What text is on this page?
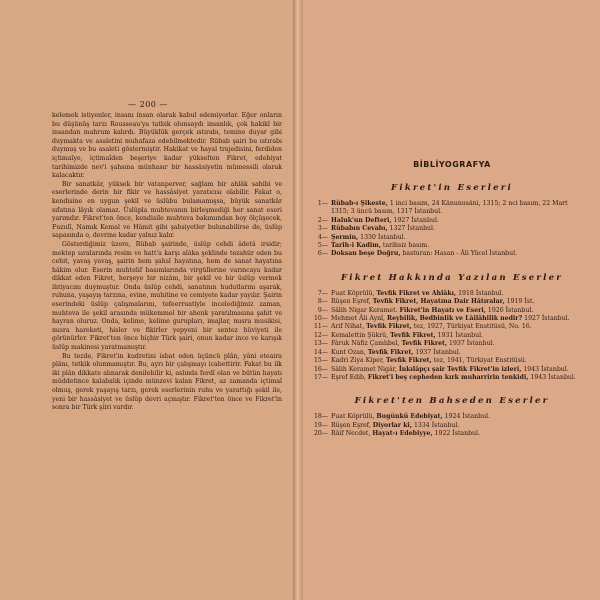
— 200 —

kelemek istiyenler, insanı insan olarak kabul edemiyorlar. Eğer onların bu düşünüş tarzı Rousseau'ya tatbik olunsaydı insanlık, çok hakikî bir insandan mahrum kalırdı. Büyüklük gerçek ıstırabı, temine duyar gibi duymakta ve asaletini muhafaza edebilmektedir. Rübab şairi bu ıstırabı duymuş ve bu asaleti göstermiştir. Hakikat ve hayal trajedisini, ferdiden içtimaîye, içtimaîden beşeriye kadar yükselten Fikret, edebiyat tarihimizde nev'i şahsına münhasır bir hassâsiyetin mümessili olarak kalacaktır.

Bir sanatkâr, yüksek bir vatanperver, sağlam bir ahlâk sahibi ve eserlerinde derin bir fikir ve hassâsiyet yaratıcısı olabilir. Fakat o, kendisine en uygun şekil ve üslûbu bulamamışsa, büyük sanatkâr sıfatına lâyık olamaz. Üslûpla muhtevanın birleşmediği her sanat eseri yarımdır. Fikret'ten önce, kendisile muhteva bakımından boy ölçüşecek, Fuzulî, Namık Kemal ve Hâmit gibi şahsiyetler bulunabilirse de, üslûp sapasında o, devrine kadar yalnız kalır.

Gösterdiğimiz üzere, Rübab şairinde, üslûp cehdi âdetâ irsidir; mektep sıralarında resim ve hatt'a karşı alâka şeklinde tezahür eden bu cehit, yavaş yavaş, şairin hem şahsî hayatına, hem de sanat hayatına hâkim olur. Eserin muhtelif basımlarında virgüllerine varıncaya kadar dikkat eden Fikret, herşeye bir nizâm, bir şekil ve bir üslûp vermek ihtiyacını duymuştur. Onda üslûp cehdi, sanatının hudutlarını aşarak, ruhuna, yaşayış tarzına, evine, muhitine ve cemiyete kadar yayılır. Şairin eserindeki üslûp çalışmalarını, tefeerruatiyle incelediğimiz zaman, muhteva ile şekil arasında mükemmel bir ahenk yaratılmasına şahit ve hayran oluruz. Onda, kelime, kelime gurupları, imajlar, mısra musikisi, mısra hareketi, hisler ve fikirler yepyeni bir sentez hüviyeti ile görünürler. Fikret'ten önce hiçbir Türk şairi, onun kadar ince ve karışık üslûp makinesi yaratmamıştır.

Bu tezde, Fikret'in kudretini isbat eden üçüncü plân, yâni eteaira plânı, tetkik olunmamıştır. Bu, ayrı bir çalışmayı icabettirir. Fakat bu ilk iki plân dikkate alınarak denilebilir ki, aslında ferdî olan ve bütün hayatı müddetince kalabalık içinde münzevi kalan Fikret, az zamanda içtimaî olmuş, gerek yaşayış tarzı, gerek eserlerinin ruhu ve yarattığı şekil ile, yeni bir hassâsiyet ve üslûp devri açmıştır. Fikret'ten önce ve Fikret'in sonra bir Türk şiiri vardır.

BİBLİYOGRAFYA
Fikret'in Eserleri
1— Rübab-ı Şikeste, 1 inci basım, 24 Kânunusâni, 1315; 2 nci basım, 22 Mart 1315; 3 üncü basım, 1317 İstanbul.
2— Haluk'un Defteri, 1927 İstanbul.
3— Rübabın Cevabı, 1327 İstanbul.
4— Şermin, 1330 İstanbul.
5— Tarih-i Kadim, tarihsiz basım.
6— Doksan beşe Doğru, basturan: Hasan - Âli Yücel İstanbul.
Fikret Hakkında Yazılan Eserler
7— Fuat Köprülü, Tevfik Fikret ve Ahlâkı, 1918 İstanbul.
8— Rüşen Eşref, Tevfik Fikret, Hayatına Dair Hâtıralar, 1919 İst.
9— Sâlih Nigar Keramet. Fikret'in Hayatı ve Eseri, 1926 İstanbul.
10— Mehmet Âli Aynî, Reybilik, Bedbinlik ve Lâilâhilik nedir? 1927 İstanbul.
11— Arif Nihat, Tevfik Fikret, tez, 1927, Türkiyat Enstitüsü, No. 16.
12— Kemalettin Şükrü, Tevfik Fikret, 1931 İstanbul.
13— Fâruk Nâfiz Çamlıbel, Tevfik Fikret, 1937 İstanbul.
14— Kunt Ozan, Tevfik Fikret, 1937 İstanbul.
15— Kadri Ziya Kiper, Tevfik Fikret, tez, 1941, Türkiyat Enstitüsü.
16— Sâlih Keramet Nigâr, İnkılâpçı şair Tevfik Fikret'in izleri, 1943 İstanbul.
17— Eşref Edib, Fikret'i beş cepheden kırk muharririn tenkidi, 1943 İstanbul.
Fikret'ten Bahseden Eserler
18— Fuat Köprülü, Bugünkü Edebiyat, 1924 İstanbul.
19— Rüşen Eşref, Diyorlar ki, 1334 İstanbul.
20— Râif Necdet, Hayat-ı Edebiyye, 1922 İstanbul.
